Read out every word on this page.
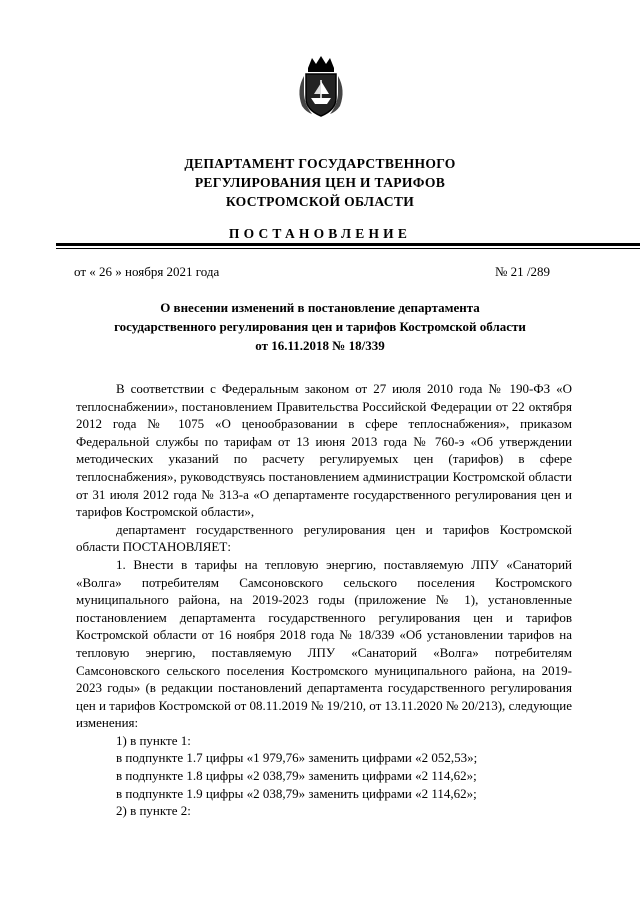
ДЕПАРТАМЕНТ ГОСУДАРСТВЕННОГО
РЕГУЛИРОВАНИЯ ЦЕН И ТАРИФОВ
КОСТРОМСКОЙ ОБЛАСТИ
ПОСТАНОВЛЕНИЕ
от « 26 » ноября 2021 года	№ 21 /289
О внесении изменений в постановление департамента
государственного регулирования цен и тарифов Костромской области
от 16.11.2018 № 18/339

В соответствии с Федеральным законом от 27 июля 2010 года № 190-ФЗ «О теплоснабжении», постановлением Правительства Российской Федерации от 22 октября 2012 года № 1075 «О ценообразовании в сфере теплоснабжения», приказом Федеральной службы по тарифам от 13 июня 2013 года № 760-э «Об утверждении методических указаний по расчету регулируемых цен (тарифов) в сфере теплоснабжения», руководствуясь постановлением администрации Костромской области от 31 июля 2012 года № 313-а «О департаменте государственного регулирования цен и тарифов Костромской области»,

департамент государственного регулирования цен и тарифов Костромской области ПОСТАНОВЛЯЕТ:

1. Внести в тарифы на тепловую энергию, поставляемую ЛПУ «Санаторий «Волга» потребителям Самсоновского сельского поселения Костромского муниципального района, на 2019-2023 годы (приложение № 1), установленные постановлением департамента государственного регулирования цен и тарифов Костромской области от 16 ноября 2018 года № 18/339 «Об установлении тарифов на тепловую энергию, поставляемую ЛПУ «Санаторий «Волга» потребителям Самсоновского сельского поселения Костромского муниципального района, на 2019-2023 годы» (в редакции постановлений департамента государственного регулирования цен и тарифов Костромской от 08.11.2019 № 19/210, от 13.11.2020 № 20/213), следующие изменения:

1) в пункте 1:

в подпункте 1.7 цифры «1 979,76» заменить цифрами «2 052,53»;

в подпункте 1.8 цифры «2 038,79» заменить цифрами «2 114,62»;

в подпункте 1.9 цифры «2 038,79» заменить цифрами «2 114,62»;

2) в пункте 2:
